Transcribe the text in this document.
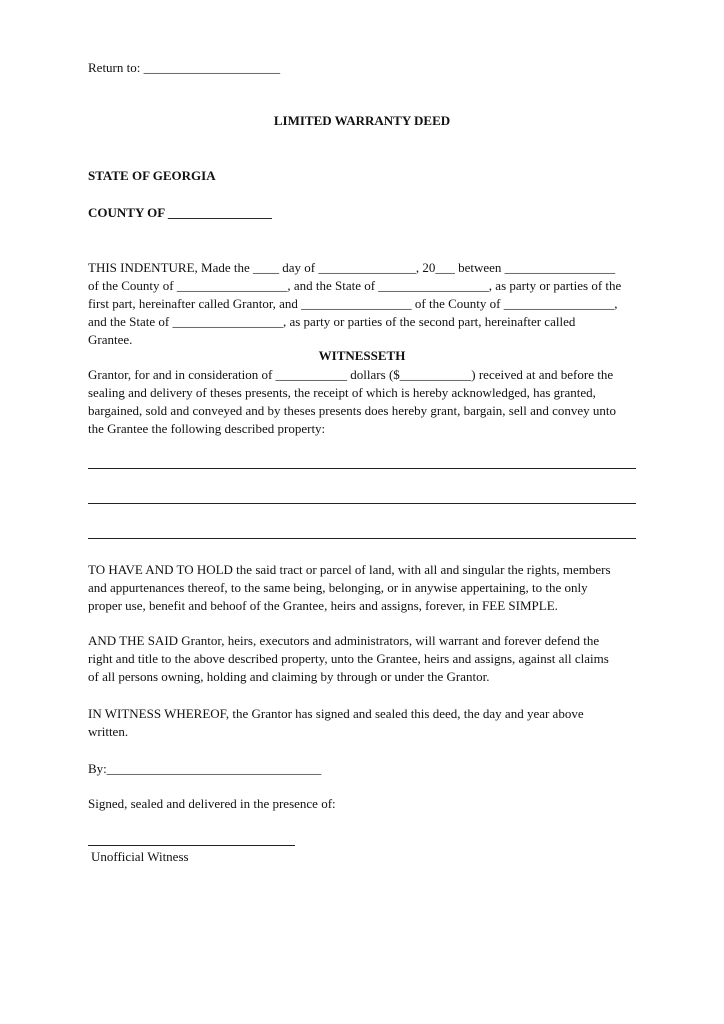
Return to: _____________________
LIMITED WARRANTY DEED
STATE OF GEORGIA
COUNTY OF ________________
THIS INDENTURE, Made the ____ day of _______________, 20___ between _________________
of the County of _________________, and the State of _________________, as party or parties of the
first part, hereinafter called Grantor, and _________________ of the County of _________________,
and the State of _________________, as party or parties of the second part, hereinafter called
Grantee.
WITNESSETH
Grantor, for and in consideration of ___________ dollars ($___________) received at and before the
sealing and delivery of theses presents, the receipt of which is hereby acknowledged, has granted,
bargained, sold and conveyed and by theses presents does hereby grant, bargain, sell and convey unto
the Grantee the following described property:
TO HAVE AND TO HOLD the said tract or parcel of land, with all and singular the rights, members
and appurtenances thereof, to the same being, belonging, or in anywise appertaining, to the only
proper use, benefit and behoof of the Grantee, heirs and assigns, forever, in FEE SIMPLE.
AND THE SAID Grantor, heirs, executors and administrators, will warrant and forever defend the
right and title to the above described property, unto the Grantee, heirs and assigns, against all claims
of all persons owning, holding and claiming by through or under the Grantor.
IN WITNESS WHEREOF, the Grantor has signed and sealed this deed, the day and year above
written.
By:_________________________________
Signed, sealed and delivered in the presence of:
Unofficial Witness
